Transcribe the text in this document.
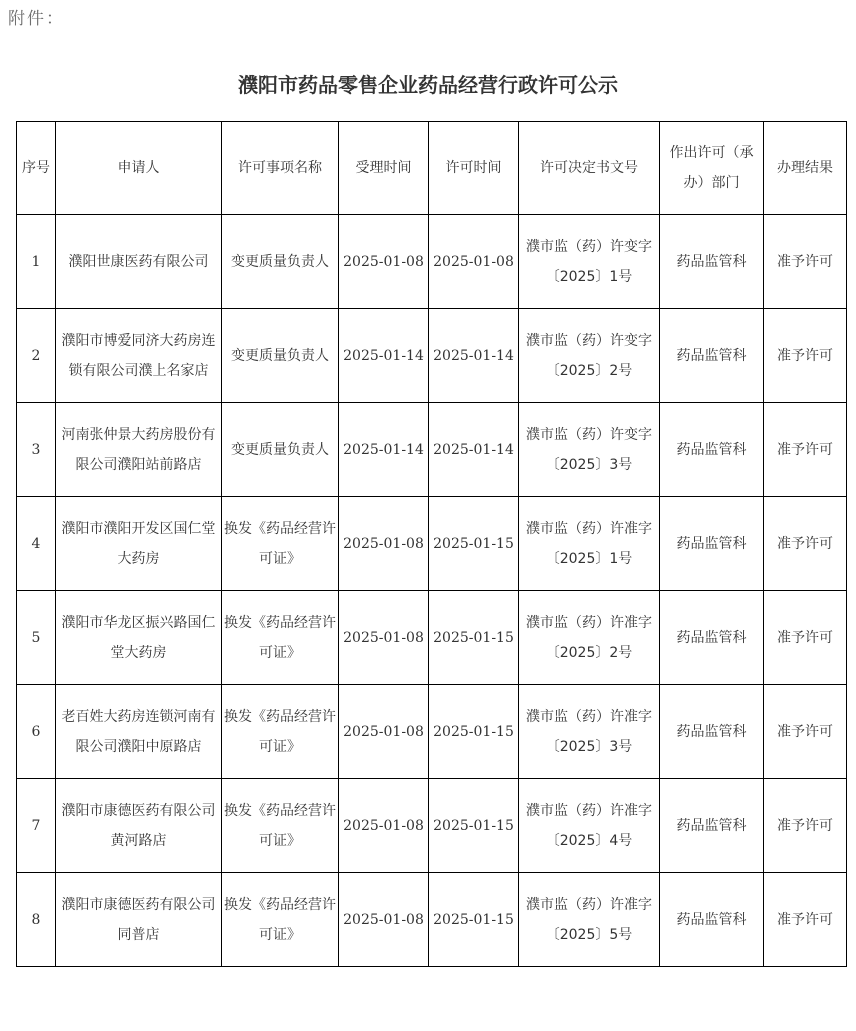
附件：
濮阳市药品零售企业药品经营行政许可公示
序号	申请人	许可事项名称	受理时间	许可时间	许可决定书文号	作出许可（承办）部门	办理结果
1	濮阳世康医药有限公司	变更质量负责人	2025-01-08	2025-01-08	濮市监（药）许变字〔2025〕1号	药品监管科	准予许可
2	濮阳市博爱同济大药房连锁有限公司濮上名家店	变更质量负责人	2025-01-14	2025-01-14	濮市监（药）许变字〔2025〕2号	药品监管科	准予许可
3	河南张仲景大药房股份有限公司濮阳站前路店	变更质量负责人	2025-01-14	2025-01-14	濮市监（药）许变字〔2025〕3号	药品监管科	准予许可
4	濮阳市濮阳开发区国仁堂大药房	换发《药品经营许可证》	2025-01-08	2025-01-15	濮市监（药）许准字〔2025〕1号	药品监管科	准予许可
5	濮阳市华龙区振兴路国仁堂大药房	换发《药品经营许可证》	2025-01-08	2025-01-15	濮市监（药）许准字〔2025〕2号	药品监管科	准予许可
6	老百姓大药房连锁河南有限公司濮阳中原路店	换发《药品经营许可证》	2025-01-08	2025-01-15	濮市监（药）许准字〔2025〕3号	药品监管科	准予许可
7	濮阳市康德医药有限公司黄河路店	换发《药品经营许可证》	2025-01-08	2025-01-15	濮市监（药）许准字〔2025〕4号	药品监管科	准予许可
8	濮阳市康德医药有限公司同普店	换发《药品经营许可证》	2025-01-08	2025-01-15	濮市监（药）许准字〔2025〕5号	药品监管科	准予许可
